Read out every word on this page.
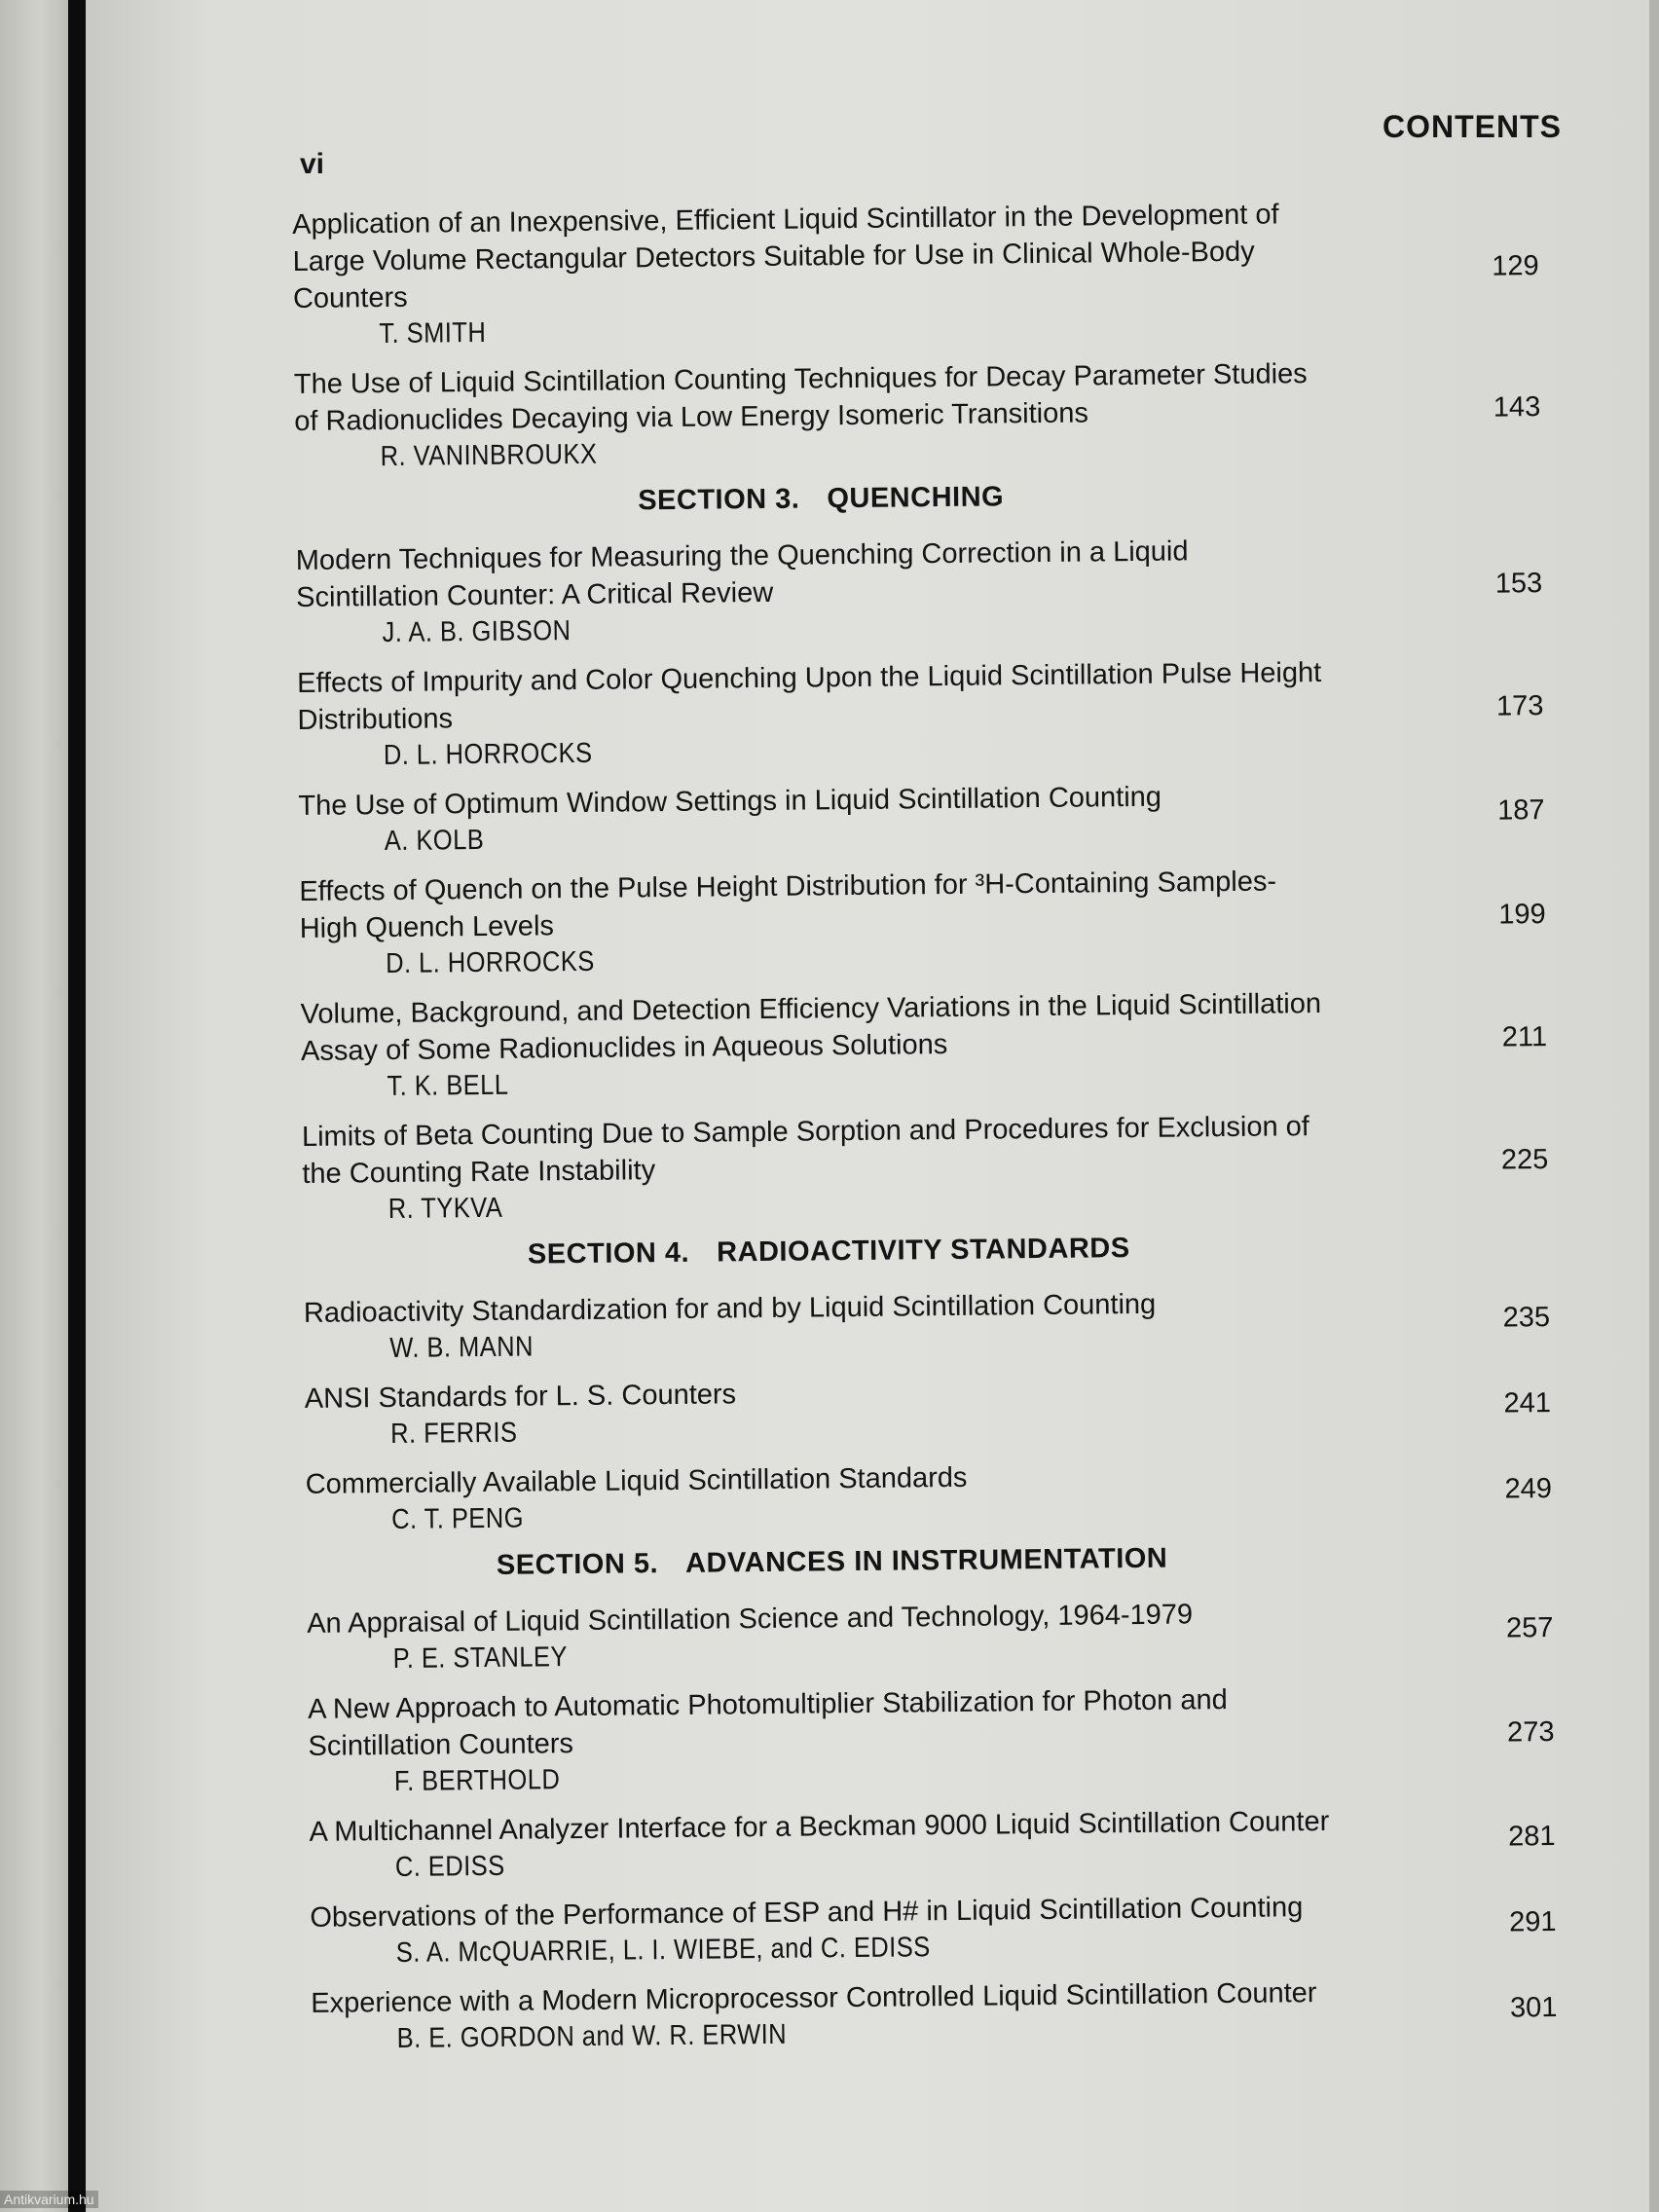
CONTENTS
vi
Application of an Inexpensive, Efficient Liquid Scintillator in the Development of Large Volume Rectangular Detectors Suitable for Use in Clinical Whole-Body Counters
T. SMITH
129
The Use of Liquid Scintillation Counting Techniques for Decay Parameter Studies of Radionuclides Decaying via Low Energy Isomeric Transitions
R. VANINBROUKX
143
SECTION 3. QUENCHING
Modern Techniques for Measuring the Quenching Correction in a Liquid Scintillation Counter: A Critical Review
J. A. B. GIBSON
153
Effects of Impurity and Color Quenching Upon the Liquid Scintillation Pulse Height Distributions
D. L. HORROCKS
173
The Use of Optimum Window Settings in Liquid Scintillation Counting
A. KOLB
187
Effects of Quench on the Pulse Height Distribution for ³H-Containing Samples-High Quench Levels
D. L. HORROCKS
199
Volume, Background, and Detection Efficiency Variations in the Liquid Scintillation Assay of Some Radionuclides in Aqueous Solutions
T. K. BELL
211
Limits of Beta Counting Due to Sample Sorption and Procedures for Exclusion of the Counting Rate Instability
R. TYKVA
225
SECTION 4. RADIOACTIVITY STANDARDS
Radioactivity Standardization for and by Liquid Scintillation Counting
W. B. MANN
235
ANSI Standards for L. S. Counters
R. FERRIS
241
Commercially Available Liquid Scintillation Standards
C. T. PENG
249
SECTION 5. ADVANCES IN INSTRUMENTATION
An Appraisal of Liquid Scintillation Science and Technology, 1964-1979
P. E. STANLEY
257
A New Approach to Automatic Photomultiplier Stabilization for Photon and Scintillation Counters
F. BERTHOLD
273
A Multichannel Analyzer Interface for a Beckman 9000 Liquid Scintillation Counter
C. EDISS
281
Observations of the Performance of ESP and H# in Liquid Scintillation Counting
S. A. McQUARRIE, L. I. WIEBE, and C. EDISS
291
Experience with a Modern Microprocessor Controlled Liquid Scintillation Counter
B. E. GORDON and W. R. ERWIN
301
Antikvarium.hu
